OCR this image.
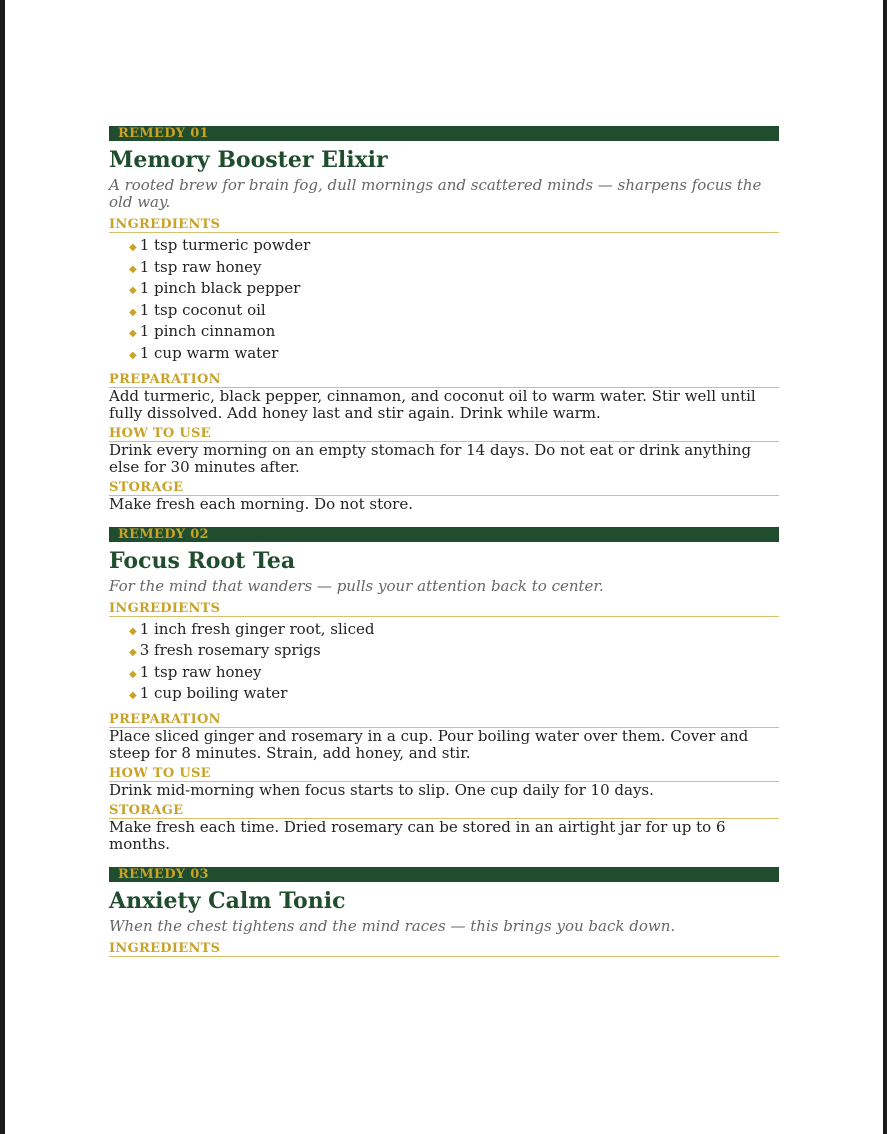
REMEDY 01
Memory Booster Elixir
A rooted brew for brain fog, dull mornings and scattered minds — sharpens focus the old way.
INGREDIENTS
◆ 1 tsp turmeric powder
◆ 1 tsp raw honey
◆ 1 pinch black pepper
◆ 1 tsp coconut oil
◆ 1 pinch cinnamon
◆ 1 cup warm water
PREPARATION

Add turmeric, black pepper, cinnamon, and coconut oil to warm water. Stir well until fully dissolved. Add honey last and stir again. Drink while warm.

HOW TO USE

Drink every morning on an empty stomach for 14 days. Do not eat or drink anything else for 30 minutes after.

STORAGE

Make fresh each morning. Do not store.

REMEDY 02
Focus Root Tea
For the mind that wanders — pulls your attention back to center.
INGREDIENTS
◆ 1 inch fresh ginger root, sliced
◆ 3 fresh rosemary sprigs
◆ 1 tsp raw honey
◆ 1 cup boiling water
PREPARATION

Place sliced ginger and rosemary in a cup. Pour boiling water over them. Cover and steep for 8 minutes. Strain, add honey, and stir.

HOW TO USE

Drink mid-morning when focus starts to slip. One cup daily for 10 days.

STORAGE

Make fresh each time. Dried rosemary can be stored in an airtight jar for up to 6 months.

REMEDY 03
Anxiety Calm Tonic
When the chest tightens and the mind races — this brings you back down.
INGREDIENTS
